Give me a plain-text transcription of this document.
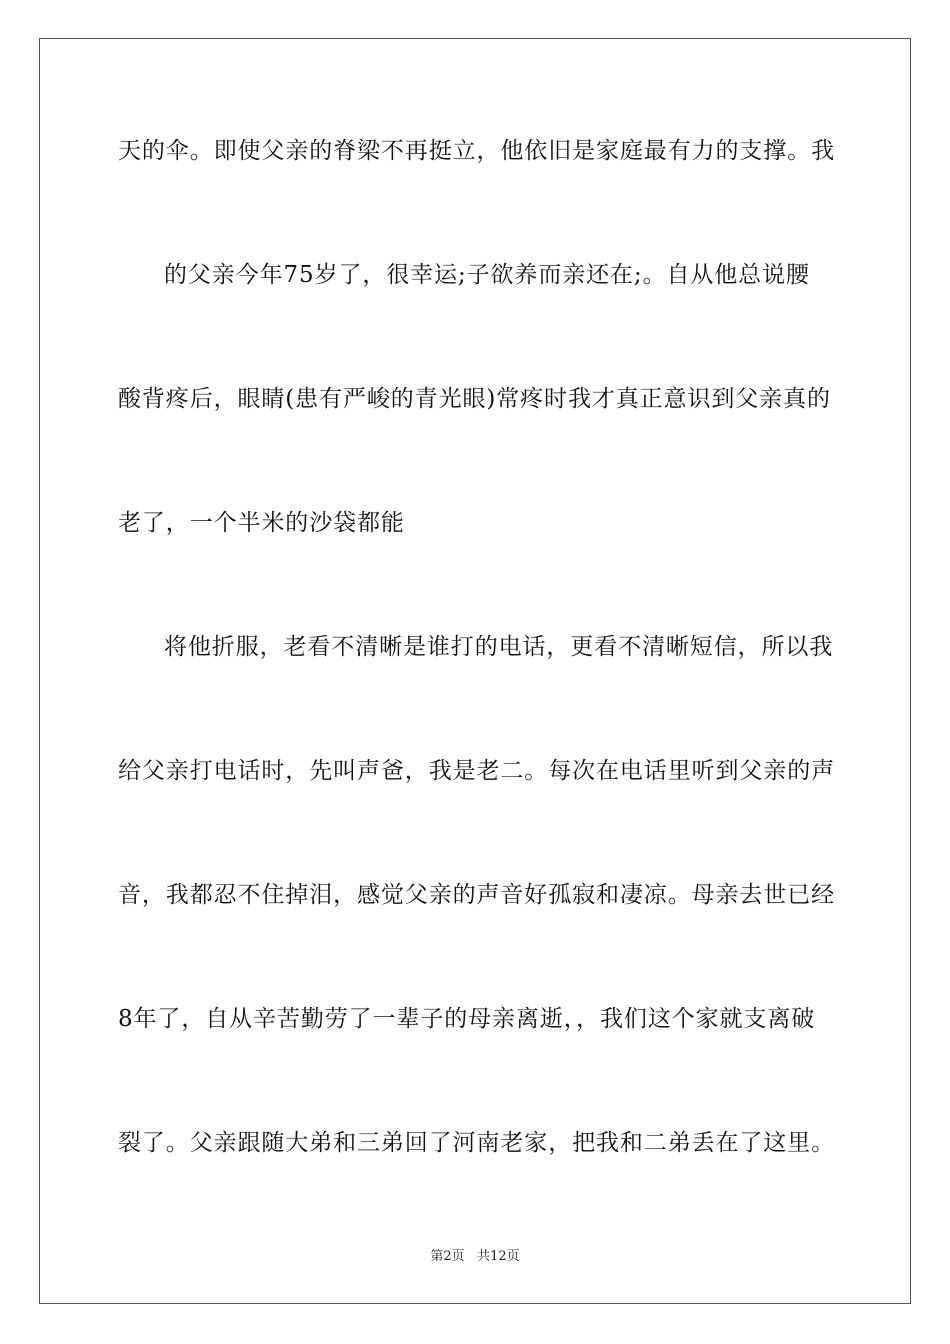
天的伞。即使父亲的脊梁不再挺立，他依旧是家庭最有力的支撑。我
的父亲今年75岁了，很幸运;子欲养而亲还在;。自从他总说腰
酸背疼后，眼睛(患有严峻的青光眼)常疼时我才真正意识到父亲真的
老了，一个半米的沙袋都能
将他折服，老看不清晰是谁打的电话，更看不清晰短信，所以我
给父亲打电话时，先叫声爸，我是老二。每次在电话里听到父亲的声
音，我都忍不住掉泪，感觉父亲的声音好孤寂和凄凉。母亲去世已经
8年了，自从辛苦勤劳了一辈子的母亲离逝，，我们这个家就支离破
裂了。父亲跟随大弟和三弟回了河南老家，把我和二弟丢在了这里。
第2页 共12页
